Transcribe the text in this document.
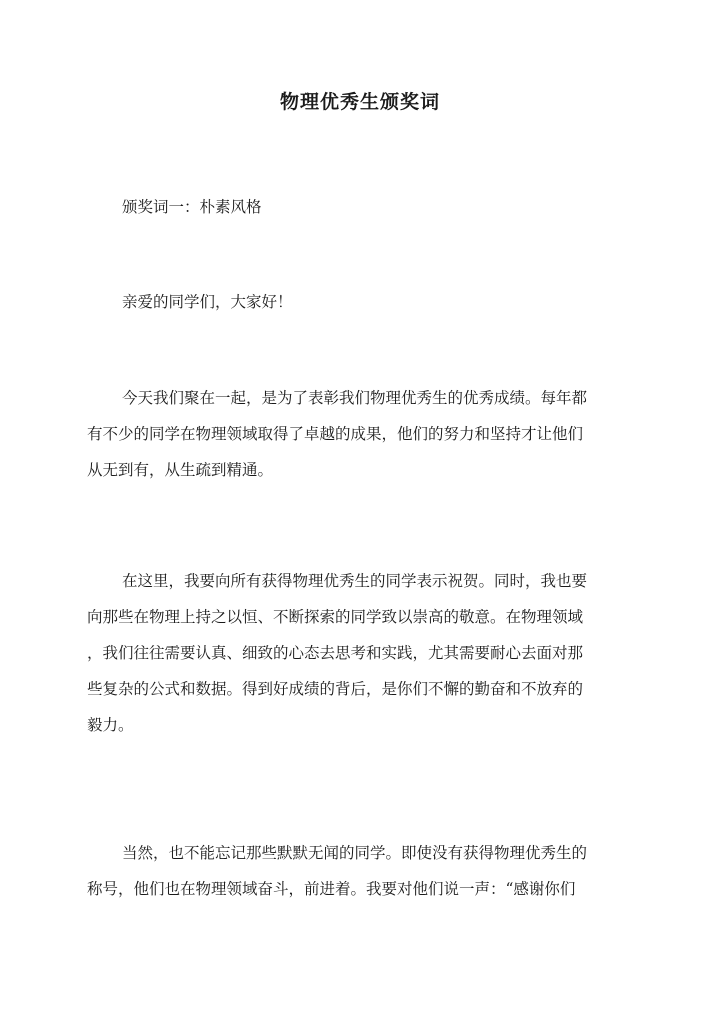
物理优秀生颁奖词
颁奖词一：朴素风格
亲爱的同学们，大家好！
今天我们聚在一起，是为了表彰我们物理优秀生的优秀成绩。每年都
有不少的同学在物理领域取得了卓越的成果，他们的努力和坚持才让他们
从无到有，从生疏到精通。
在这里，我要向所有获得物理优秀生的同学表示祝贺。同时，我也要
向那些在物理上持之以恒、不断探索的同学致以崇高的敬意。在物理领域
，我们往往需要认真、细致的心态去思考和实践，尤其需要耐心去面对那
些复杂的公式和数据。得到好成绩的背后，是你们不懈的勤奋和不放弃的
毅力。
当然，也不能忘记那些默默无闻的同学。即使没有获得物理优秀生的
称号，他们也在物理领域奋斗，前进着。我要对他们说一声：“感谢你们
